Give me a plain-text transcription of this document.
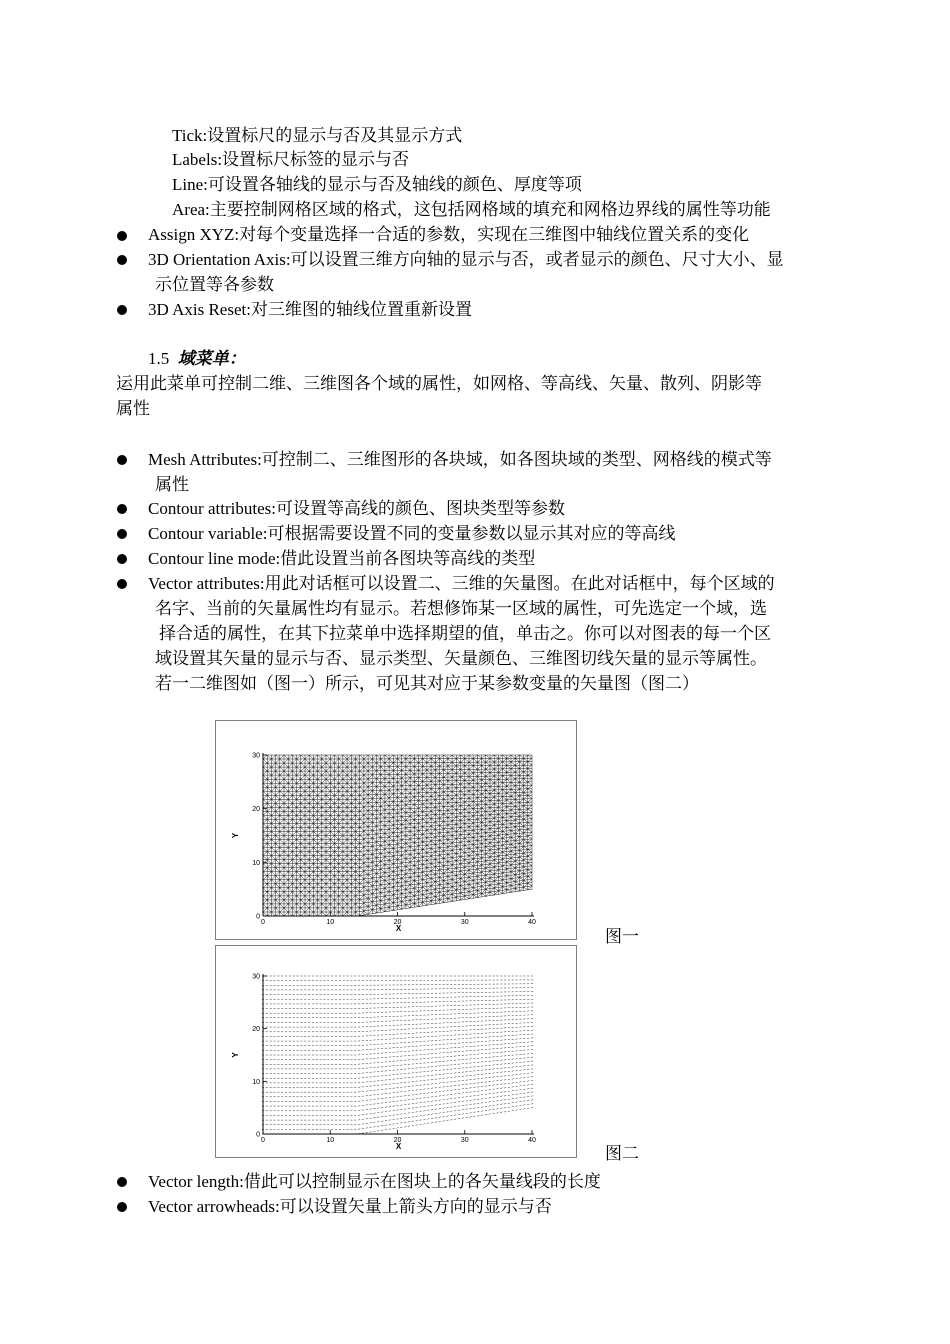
Tick:设置标尺的显示与否及其显示方式
Labels:设置标尺标签的显示与否
Line:可设置各轴线的显示与否及轴线的颜色、厚度等项
Area:主要控制网格区域的格式，这包括网格域的填充和网格边界线的属性等功能
Assign XYZ:对每个变量选择一合适的参数，实现在三维图中轴线位置关系的变化
3D Orientation Axis:可以设置三维方向轴的显示与否，或者显示的颜色、尺寸大小、显
示位置等各参数
3D Axis Reset:对三维图的轴线位置重新设置
1.5 域菜单：
运用此菜单可控制二维、三维图各个域的属性，如网格、等高线、矢量、散列、阴影等
属性
Mesh Attributes:可控制二、三维图形的各块域，如各图块域的类型、网格线的模式等
属性
Contour attributes:可设置等高线的颜色、图块类型等参数
Contour variable:可根据需要设置不同的变量参数以显示其对应的等高线
Contour line mode:借此设置当前各图块等高线的类型
Vector attributes:用此对话框可以设置二、三维的矢量图。在此对话框中，每个区域的
名字、当前的矢量属性均有显示。若想修饰某一区域的属性，可先选定一个域，选
择合适的属性，在其下拉菜单中选择期望的值，单击之。你可以对图表的每一个区
域设置其矢量的显示与否、显示类型、矢量颜色、三维图切线矢量的显示等属性。
若一二维图如（图一）所示，可见其对应于某参数变量的矢量图（图二）
0	10	20	30	40
0
10
20
30
X
Y
图一
0	10	20	30	40
0
10
20
30
X
Y
图二
Vector length:借此可以控制显示在图块上的各矢量线段的长度
Vector arrowheads:可以设置矢量上箭头方向的显示与否
